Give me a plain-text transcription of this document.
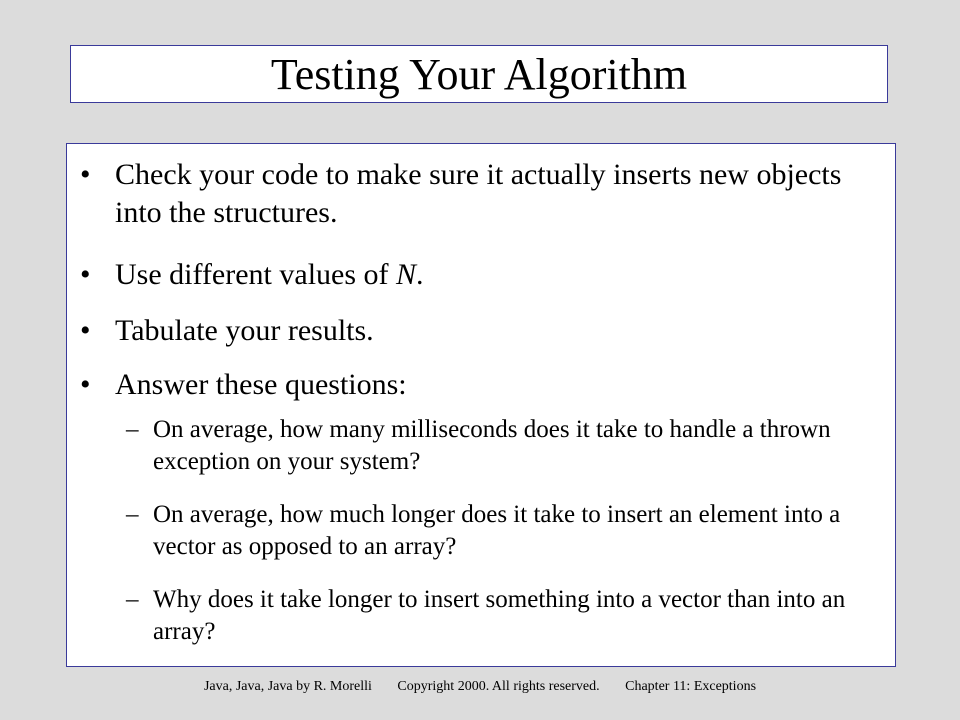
Testing Your Algorithm
• Check your code to make sure it actually inserts new objects into the structures.
• Use different values of N.
• Tabulate your results.
• Answer these questions:
– On average, how many milliseconds does it take to handle a thrown exception on your system?
– On average, how much longer does it take to insert an element into a vector as opposed to an array?
– Why does it take longer to insert something into a vector than into an array?
Java, Java, Java by R. Morelli Copyright 2000. All rights reserved. Chapter 11: Exceptions
